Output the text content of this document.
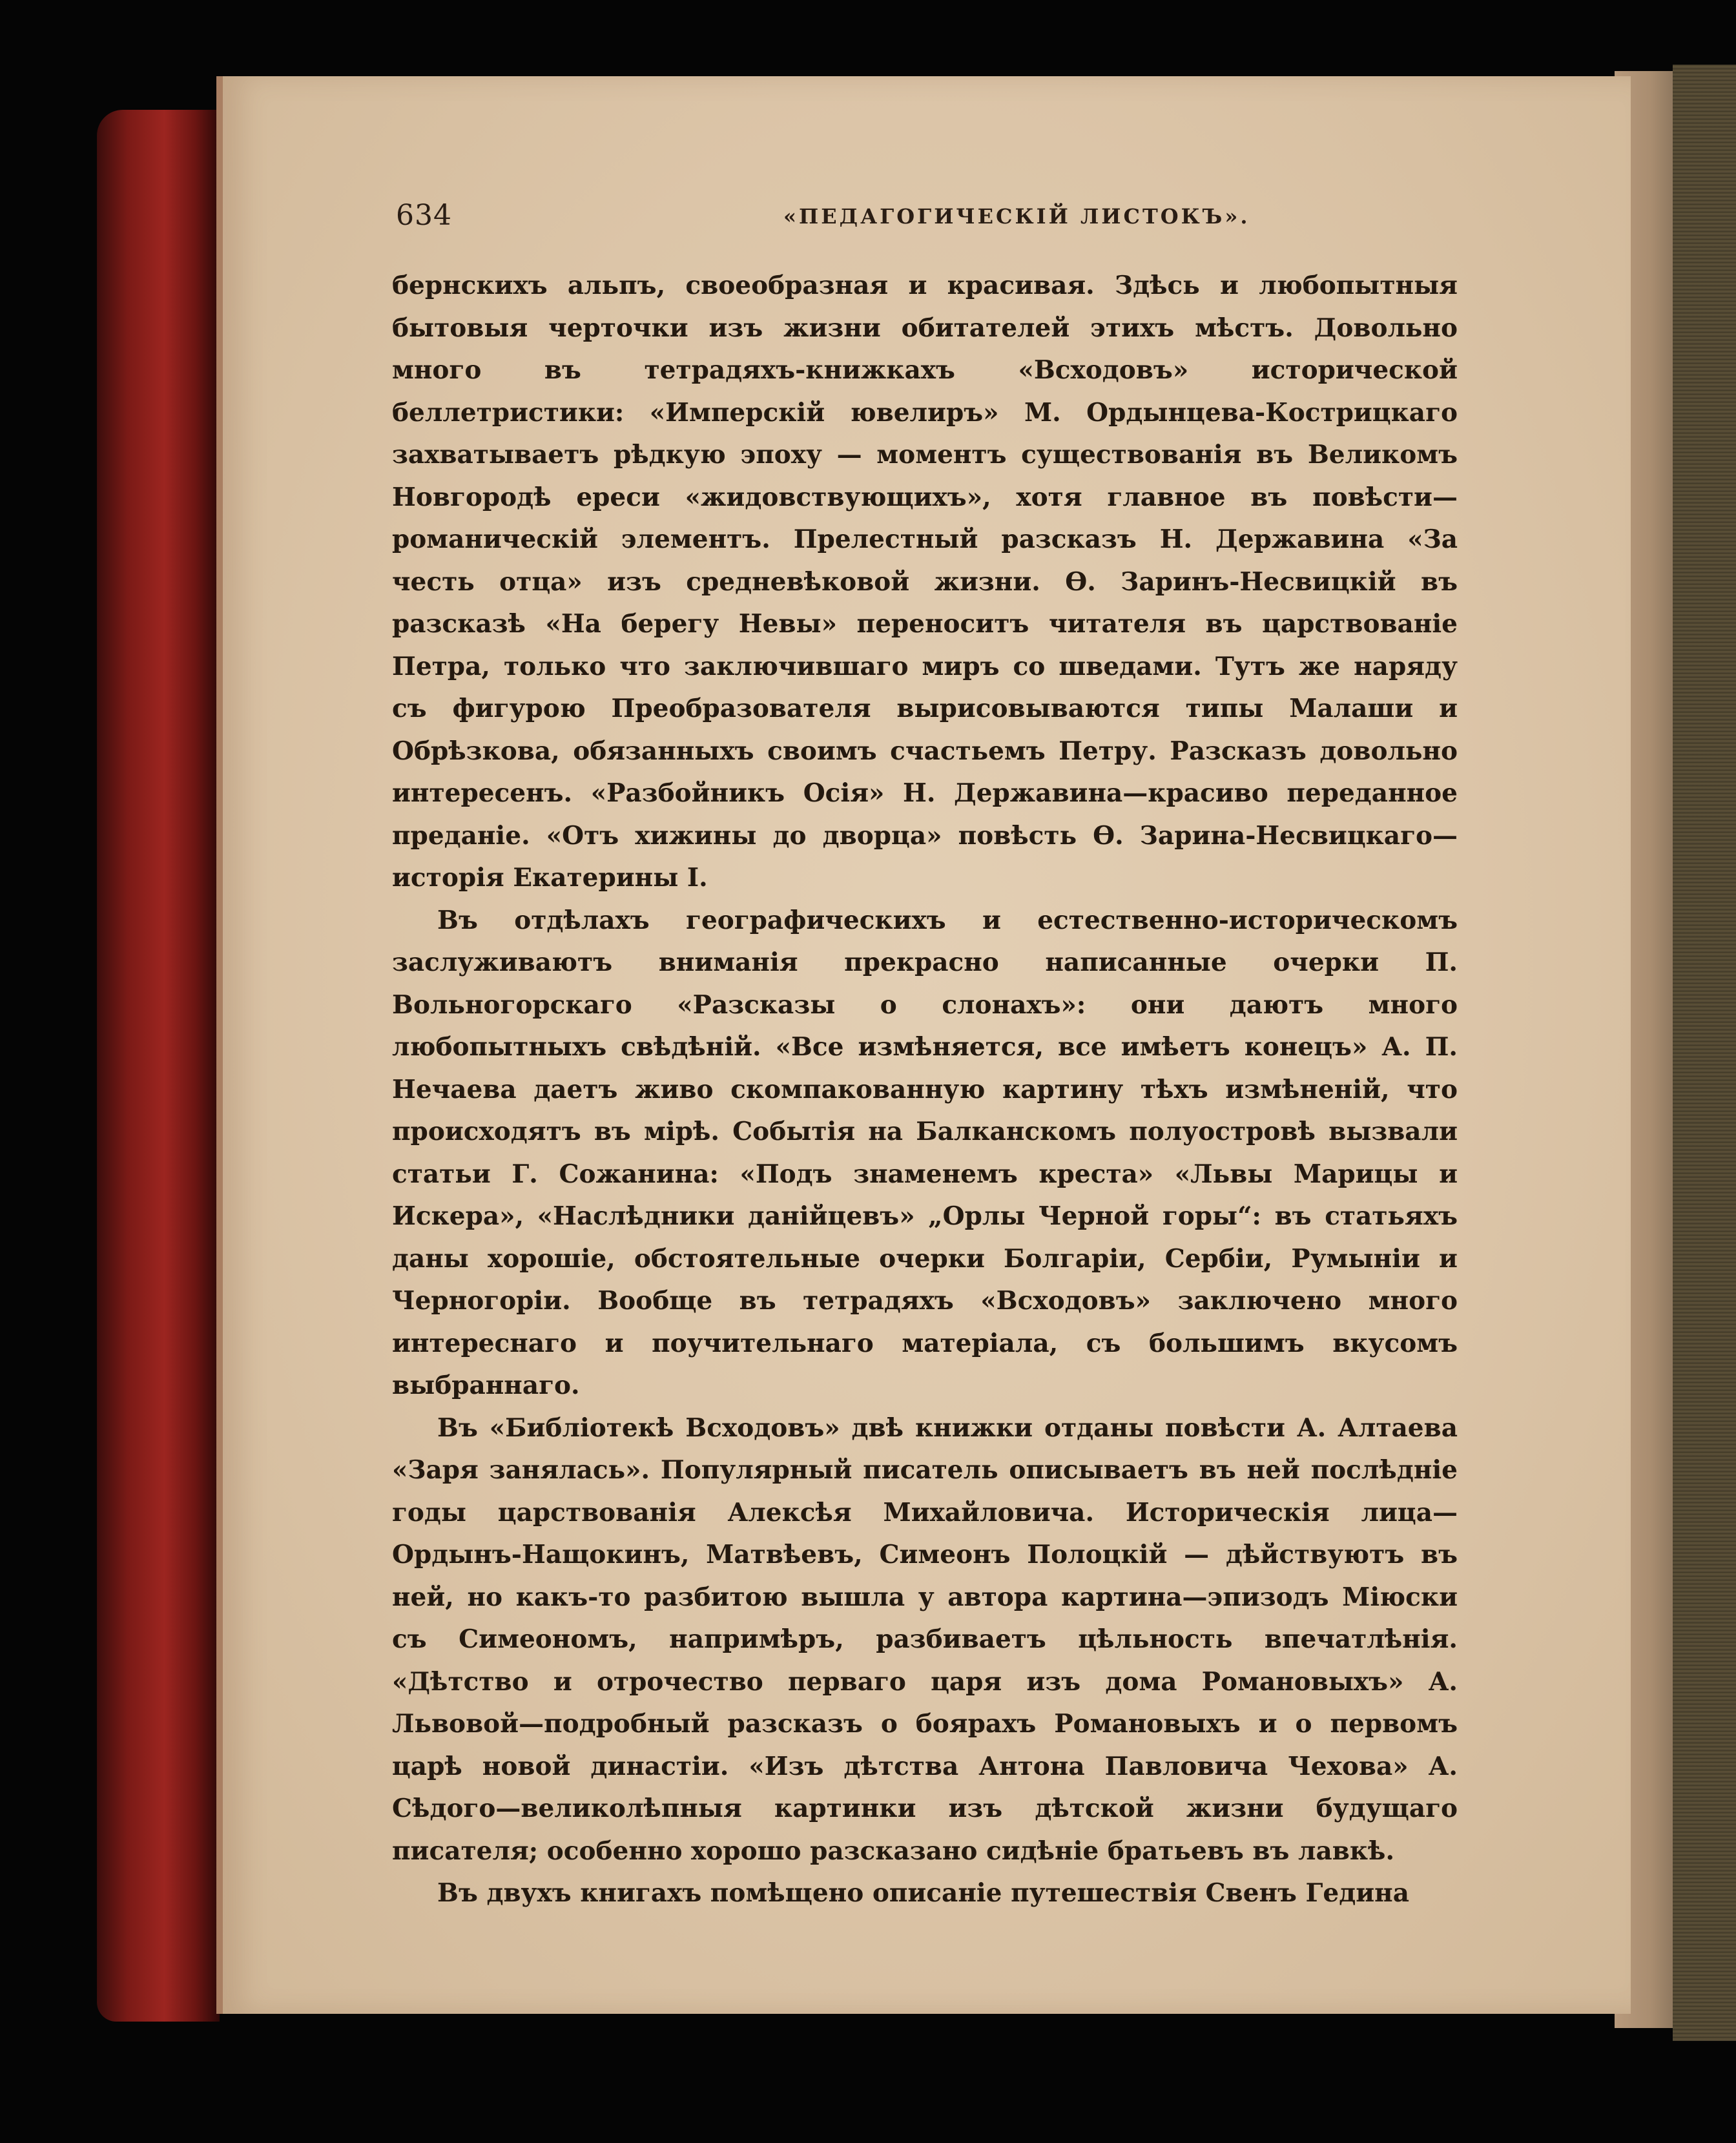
634	«ПЕДАГОГИЧЕСКІЙ ЛИСТОКЪ».

бернскихъ альпъ, своеобразная и красивая. Здѣсь и любопытныя бытовыя черточки изъ жизни обитателей этихъ мѣстъ. Довольно много въ тетрадяхъ-книжкахъ «Всходовъ» исторической беллетристики: «Имперскій ювелиръ» М. Ордынцева-Кострицкаго захватываетъ рѣдкую эпоху — моментъ существованія въ Великомъ Новгородѣ ереси «жидовствующихъ», хотя главное въ повѣсти—романическій элементъ. Прелестный разсказъ Н. Державина «За честь отца» изъ средневѣковой жизни. Ѳ. Заринъ-Несвицкій въ разсказѣ «На берегу Невы» переноситъ читателя въ царствованіе Петра, только что заключившаго миръ со шведами. Тутъ же наряду съ фигурою Преобразователя вырисовываются типы Малаши и Обрѣзкова, обязанныхъ своимъ счастьемъ Петру. Разсказъ довольно интересенъ. «Разбойникъ Осія» Н. Державина—красиво переданное преданіе. «Отъ хижины до дворца» повѣсть Ѳ. Зарина-Несвицкаго—исторія Екатерины I.

Въ отдѣлахъ географическихъ и естественно-историческомъ заслуживаютъ вниманія прекрасно написанные очерки П. Вольногорскаго «Разсказы о слонахъ»: они даютъ много любопытныхъ свѣдѣній. «Все измѣняется, все имѣетъ конецъ» А. П. Нечаева даетъ живо скомпакованную картину тѣхъ измѣненій, что происходятъ въ мірѣ. Событія на Балканскомъ полуостровѣ вызвали статьи Г. Сожанина: «Подъ знаменемъ креста» «Львы Марицы и Искера», «Наслѣдники данійцевъ» „Орлы Черной горы“: въ статьяхъ даны хорошіе, обстоятельные очерки Болгаріи, Сербіи, Румыніи и Черногоріи. Вообще въ тетрадяхъ «Всходовъ» заключено много интереснаго и поучительнаго матеріала, съ большимъ вкусомъ выбраннаго.

Въ «Библіотекѣ Всходовъ» двѣ книжки отданы повѣсти А. Алтаева «Заря занялась». Популярный писатель описываетъ въ ней послѣдніе годы царствованія Алексѣя Михайловича. Историческія лица—Ордынъ-Нащокинъ, Матвѣевъ, Симеонъ Полоцкій — дѣйствуютъ въ ней, но какъ-то разбитою вышла у автора картина—эпизодъ Міюски съ Симеономъ, напримѣръ, разбиваетъ цѣльность впечатлѣнія. «Дѣтство и отрочество перваго царя изъ дома Романовыхъ» А. Львовой—подробный разсказъ о боярахъ Романовыхъ и о первомъ царѣ новой династіи. «Изъ дѣтства Антона Павловича Чехова» А. Сѣдого—великолѣпныя картинки изъ дѣтской жизни будущаго писателя; особенно хорошо разсказано сидѣніе братьевъ въ лавкѣ.

Въ двухъ книгахъ помѣщено описаніе путешествія Свенъ Гедина
